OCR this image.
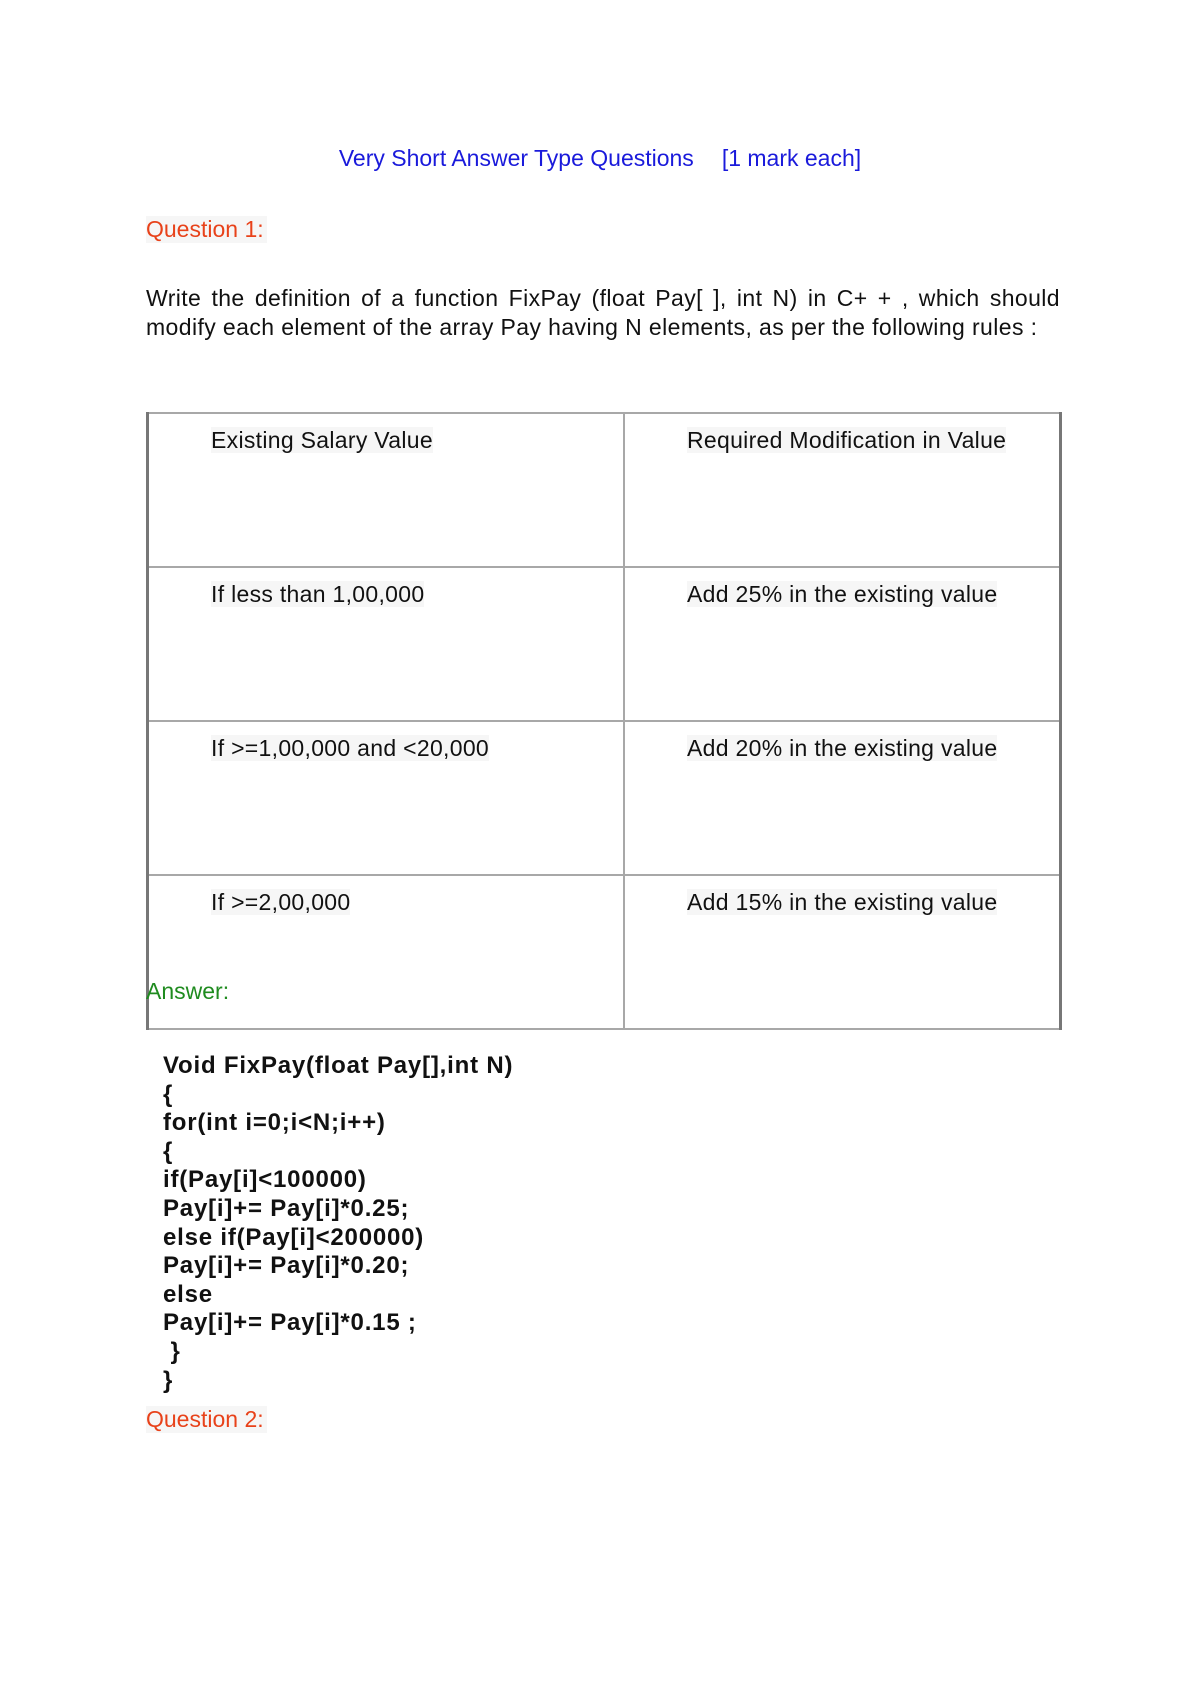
Very Short Answer Type Questions [1 mark each]
Question 1:
Write the definition of a function FixPay (float Pay[ ], int N) in C+ + , which should modify each element of the array Pay having N elements, as per the following rules :
Existing Salary Value	Required Modification in Value
If less than 1,00,000	Add 25% in the existing value
If >=1,00,000 and <20,000	Add 20% in the existing value
If >=2,00,000	Add 15% in the existing value
Answer:
Void FixPay(float Pay[],int N)
{
for(int i=0;i<N;i++)
{
if(Pay[i]<100000)
Pay[i]+= Pay[i]*0.25;
else if(Pay[i]<200000)
Pay[i]+= Pay[i]*0.20;
else
Pay[i]+= Pay[i]*0.15 ;
}
}
Question 2:
